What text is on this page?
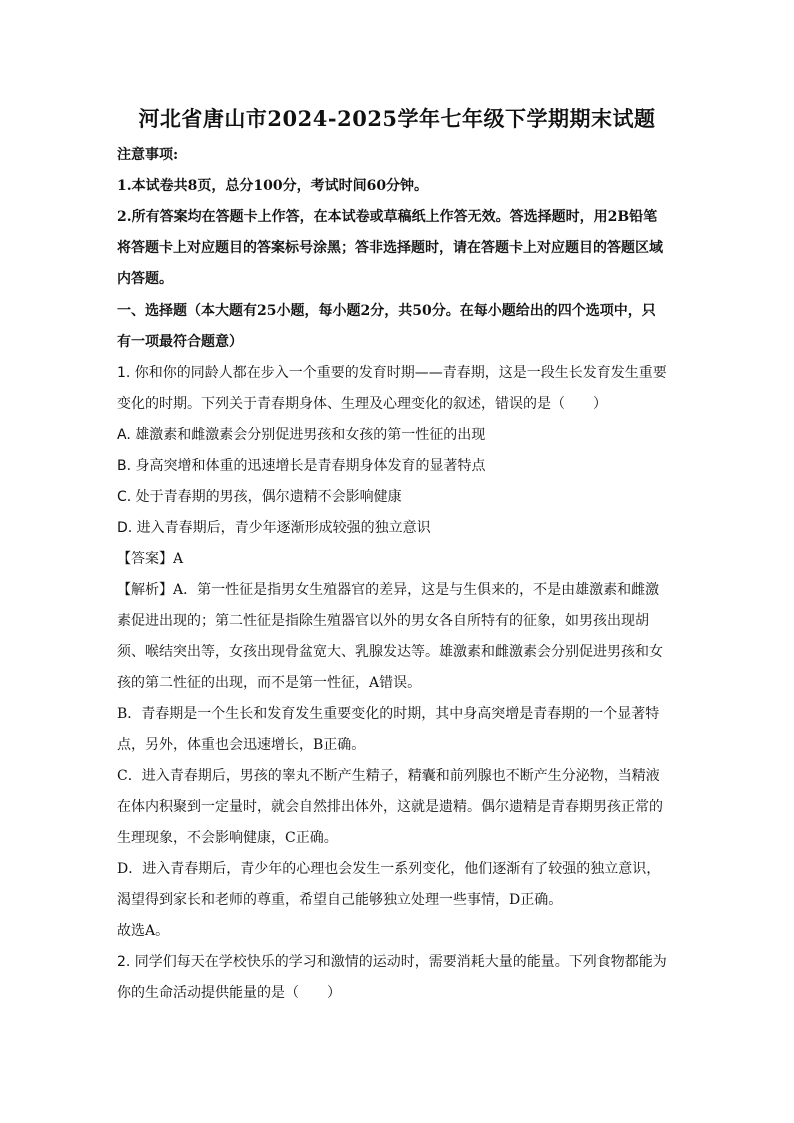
河北省唐山市2024-2025学年七年级下学期期末试题
注意事项:
1.本试卷共8页，总分100分，考试时间60分钟。
2.所有答案均在答题卡上作答，在本试卷或草稿纸上作答无效。答选择题时，用2B铅笔
将答题卡上对应题目的答案标号涂黑；答非选择题时，请在答题卡上对应题目的答题区域
内答题。
一、选择题（本大题有25小题，每小题2分，共50分。在每小题给出的四个选项中，只
有一项最符合题意）
1. 你和你的同龄人都在步入一个重要的发育时期——青春期，这是一段生长发育发生重要
变化的时期。下列关于青春期身体、生理及心理变化的叙述，错误的是（　　）
A. 雄激素和雌激素会分别促进男孩和女孩的第一性征的出现
B. 身高突增和体重的迅速增长是青春期身体发育的显著特点
C. 处于青春期的男孩，偶尔遗精不会影响健康
D. 进入青春期后，青少年逐渐形成较强的独立意识
【答案】A
【解析】A．第一性征是指男女生殖器官的差异，这是与生俱来的，不是由雄激素和雌激
素促进出现的；第二性征是指除生殖器官以外的男女各自所特有的征象，如男孩出现胡
须、喉结突出等，女孩出现骨盆宽大、乳腺发达等。雄激素和雌激素会分别促进男孩和女
孩的第二性征的出现，而不是第一性征，A错误。
B．青春期是一个生长和发育发生重要变化的时期，其中身高突增是青春期的一个显著特
点，另外，体重也会迅速增长，B正确。
C．进入青春期后，男孩的睾丸不断产生精子，精囊和前列腺也不断产生分泌物，当精液
在体内积聚到一定量时，就会自然排出体外，这就是遗精。偶尔遗精是青春期男孩正常的
生理现象，不会影响健康，C正确。
D．进入青春期后，青少年的心理也会发生一系列变化，他们逐渐有了较强的独立意识，
渴望得到家长和老师的尊重，希望自己能够独立处理一些事情，D正确。
故选A。
2. 同学们每天在学校快乐的学习和激情的运动时，需要消耗大量的能量。下列食物都能为
你的生命活动提供能量的是（　　）
